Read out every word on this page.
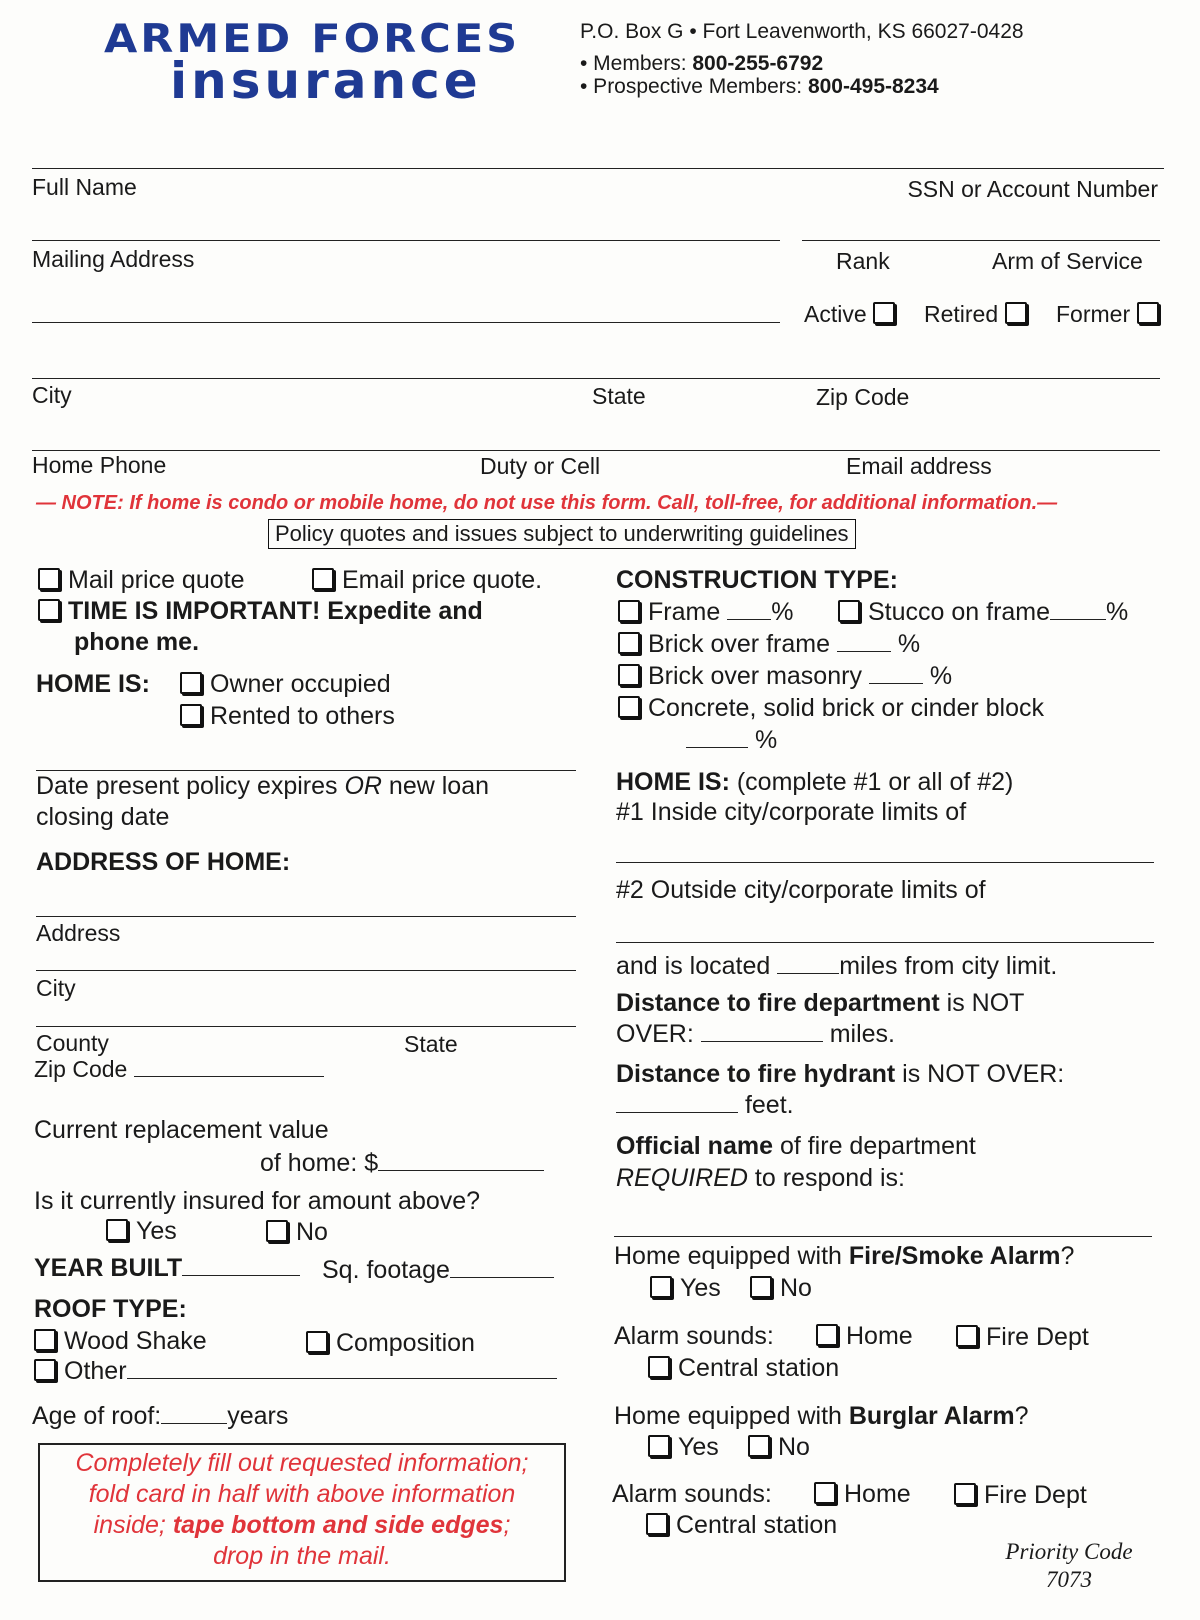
ARMED FORCES
insurance
P.O. Box G • Fort Leavenworth, KS 66027-0428
• Members: 800-255-6792
• Prospective Members: 800-495-8234
Full Name	SSN or Account Number
Mailing Address	Rank	Arm of Service
Active	Retired	Former
City	State	Zip Code
Home Phone	Duty or Cell	Email address
— NOTE: If home is condo or mobile home, do not use this form. Call, toll-free, for additional information.—
Policy quotes and issues subject to underwriting guidelines
Mail price quote	Email price quote.
TIME IS IMPORTANT! Expedite and
phone me.
HOME IS:	Owner occupied
Rented to others
Date present policy expires OR new loan
closing date
ADDRESS OF HOME:
Address
City
County	State
Zip Code
Current replacement value
of home: $
Is it currently insured for amount above?
Yes	No
YEAR BUILT	Sq. footage
ROOF TYPE:
Wood Shake	Composition
Other
Age of roof:	years
Completely fill out requested information;
fold card in half with above information
inside; tape bottom and side edges;
drop in the mail.
CONSTRUCTION TYPE:
Frame %	Stucco on frame %
Brick over frame	%
Brick over masonry	%
Concrete, solid brick or cinder block
%
HOME IS: (complete #1 or all of #2)
#1 Inside city/corporate limits of
#2 Outside city/corporate limits of
and is located miles from city limit.
Distance to fire department is NOT
OVER:	miles.
Distance to fire hydrant is NOT OVER:
feet.
Official name of fire department
REQUIRED to respond is:
Home equipped with Fire/Smoke Alarm?
Yes	No
Alarm sounds:	Home	Fire Dept
Central station
Home equipped with Burglar Alarm?
Yes	No
Alarm sounds:	Home	Fire Dept
Central station
Priority Code
7073
